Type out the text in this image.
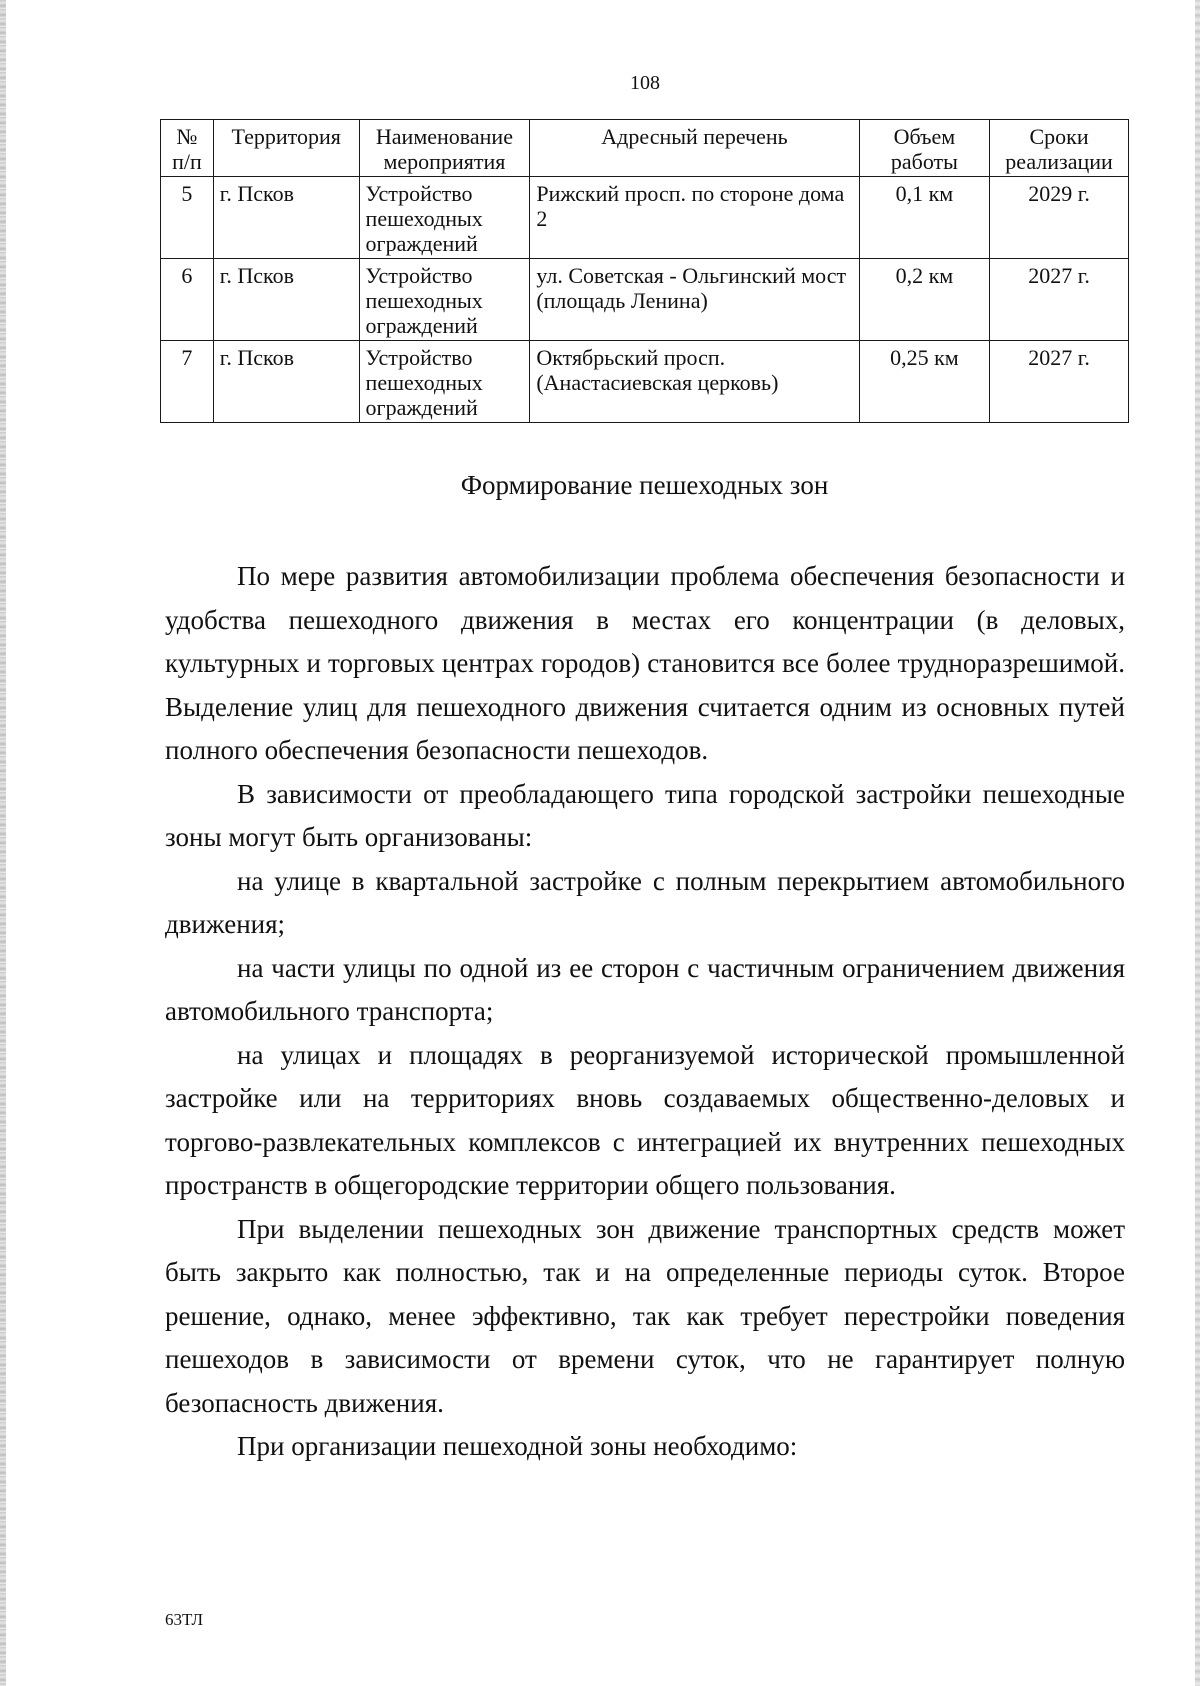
108
№ п/п	Территория	Наименование мероприятия	Адресный перечень	Объем работы	Сроки реализации
5	г. Псков	Устройство пешеходных ограждений	Рижский просп. по стороне дома 2	0,1 км	2029 г.
6	г. Псков	Устройство пешеходных ограждений	ул. Советская - Ольгинский мост (площадь Ленина)	0,2 км	2027 г.
7	г. Псков	Устройство пешеходных ограждений	Октябрьский просп. (Анастасиевская церковь)	0,25 км	2027 г.
Формирование пешеходных зон

По мере развития автомобилизации проблема обеспечения безопасности и удобства пешеходного движения в местах его концентрации (в деловых, культурных и торговых центрах городов) становится все более трудноразрешимой. Выделение улиц для пешеходного движения считается одним из основных путей полного обеспечения безопасности пешеходов.

В зависимости от преобладающего типа городской застройки пешеходные зоны могут быть организованы:

на улице в квартальной застройке с полным перекрытием автомобильного движения;

на части улицы по одной из ее сторон с частичным ограничением движения автомобильного транспорта;

на улицах и площадях в реорганизуемой исторической промышленной застройке или на территориях вновь создаваемых общественно-деловых и торгово-развлекательных комплексов с интеграцией их внутренних пешеходных пространств в общегородские территории общего пользования.

При выделении пешеходных зон движение транспортных средств может быть закрыто как полностью, так и на определенные периоды суток. Второе решение, однако, менее эффективно, так как требует перестройки поведения пешеходов в зависимости от времени суток, что не гарантирует полную безопасность движения.

При организации пешеходной зоны необходимо:

63ТЛ
